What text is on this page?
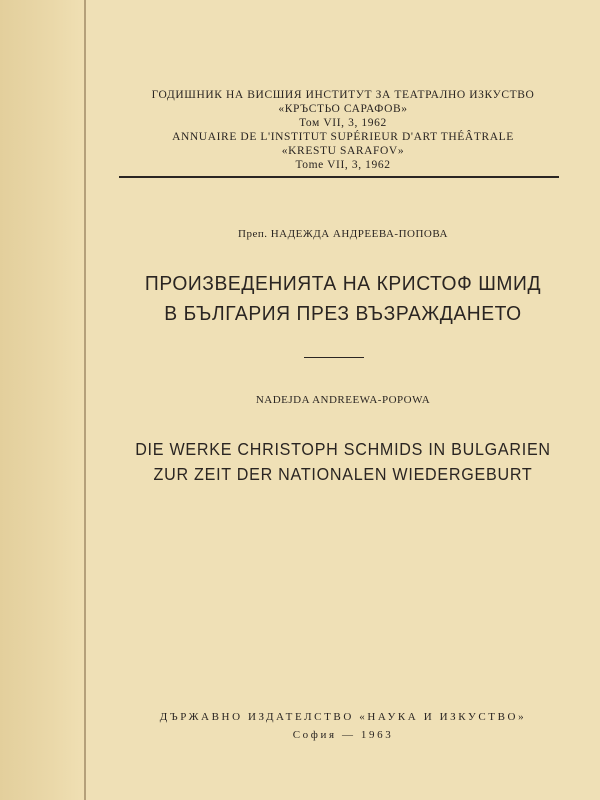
ГОДИШНИК НА ВИСШИЯ ИНСТИТУТ ЗА ТЕАТРАЛНО ИЗКУСТВО
«КРЪСТЬО САРАФОВ»
Том VII, 3, 1962
ANNUAIRE DE L'INSTITUT SUPÉRIEUR D'ART THÉÂTRALE
«KRESTU SARAFOV»
Tome VII, 3, 1962
Преп. НАДЕЖДА АНДРЕЕВА-ПОПОВА
ПРОИЗВЕДЕНИЯТА НА КРИСТОФ ШМИД
В БЪЛГАРИЯ ПРЕЗ ВЪЗРАЖДАНЕТО
NADEJDA ANDREEWA-POPOWA
DIE WERKE CHRISTOPH SCHMIDS IN BULGARIEN
ZUR ZEIT DER NATIONALEN WIEDERGEBURT
ДЪРЖАВНО ИЗДАТЕЛСТВО «НАУКА И ИЗКУСТВО»
София — 1963
